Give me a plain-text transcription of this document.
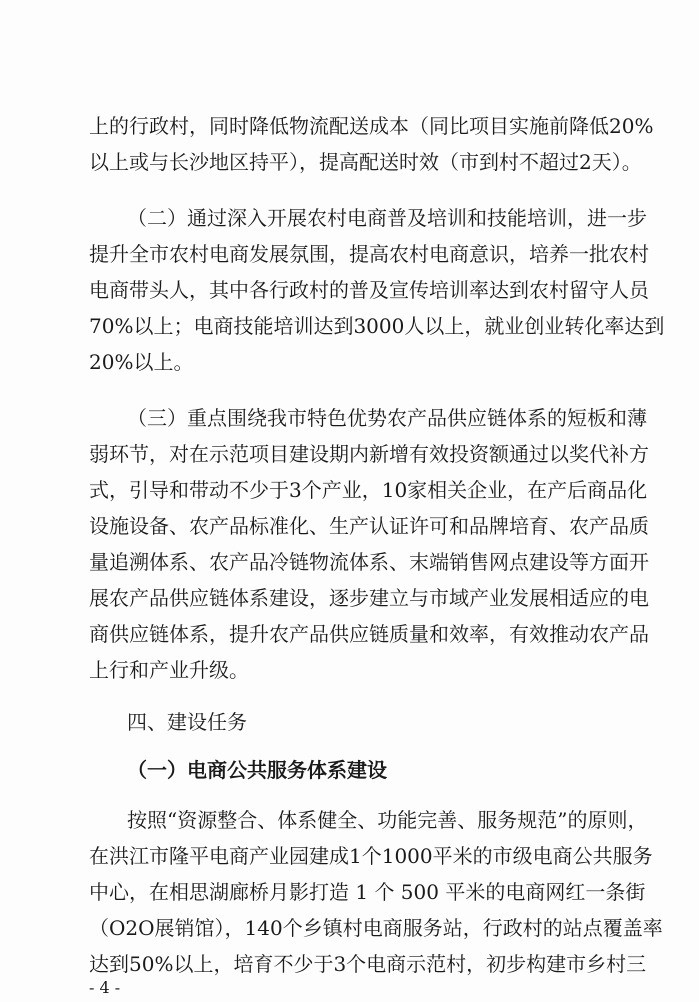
上的行政村，同时降低物流配送成本（同比项目实施前降低20%
以上或与长沙地区持平），提高配送时效（市到村不超过2天）。
（二）通过深入开展农村电商普及培训和技能培训，进一步
提升全市农村电商发展氛围，提高农村电商意识，培养一批农村
电商带头人，其中各行政村的普及宣传培训率达到农村留守人员
70%以上；电商技能培训达到3000人以上，就业创业转化率达到
20%以上。
（三）重点围绕我市特色优势农产品供应链体系的短板和薄
弱环节，对在示范项目建设期内新增有效投资额通过以奖代补方
式，引导和带动不少于3个产业，10家相关企业，在产后商品化
设施设备、农产品标准化、生产认证许可和品牌培育、农产品质
量追溯体系、农产品冷链物流体系、末端销售网点建设等方面开
展农产品供应链体系建设，逐步建立与市域产业发展相适应的电
商供应链体系，提升农产品供应链质量和效率，有效推动农产品
上行和产业升级。
四、建设任务
（一）电商公共服务体系建设
按照“资源整合、体系健全、功能完善、服务规范”的原则，
在洪江市隆平电商产业园建成1个1000平米的市级电商公共服务
中心，在相思湖廊桥月影打造 1 个 500 平米的电商网红一条街
（O2O展销馆），140个乡镇村电商服务站，行政村的站点覆盖率
达到50%以上，培育不少于3个电商示范村，初步构建市乡村三
- 4 -
